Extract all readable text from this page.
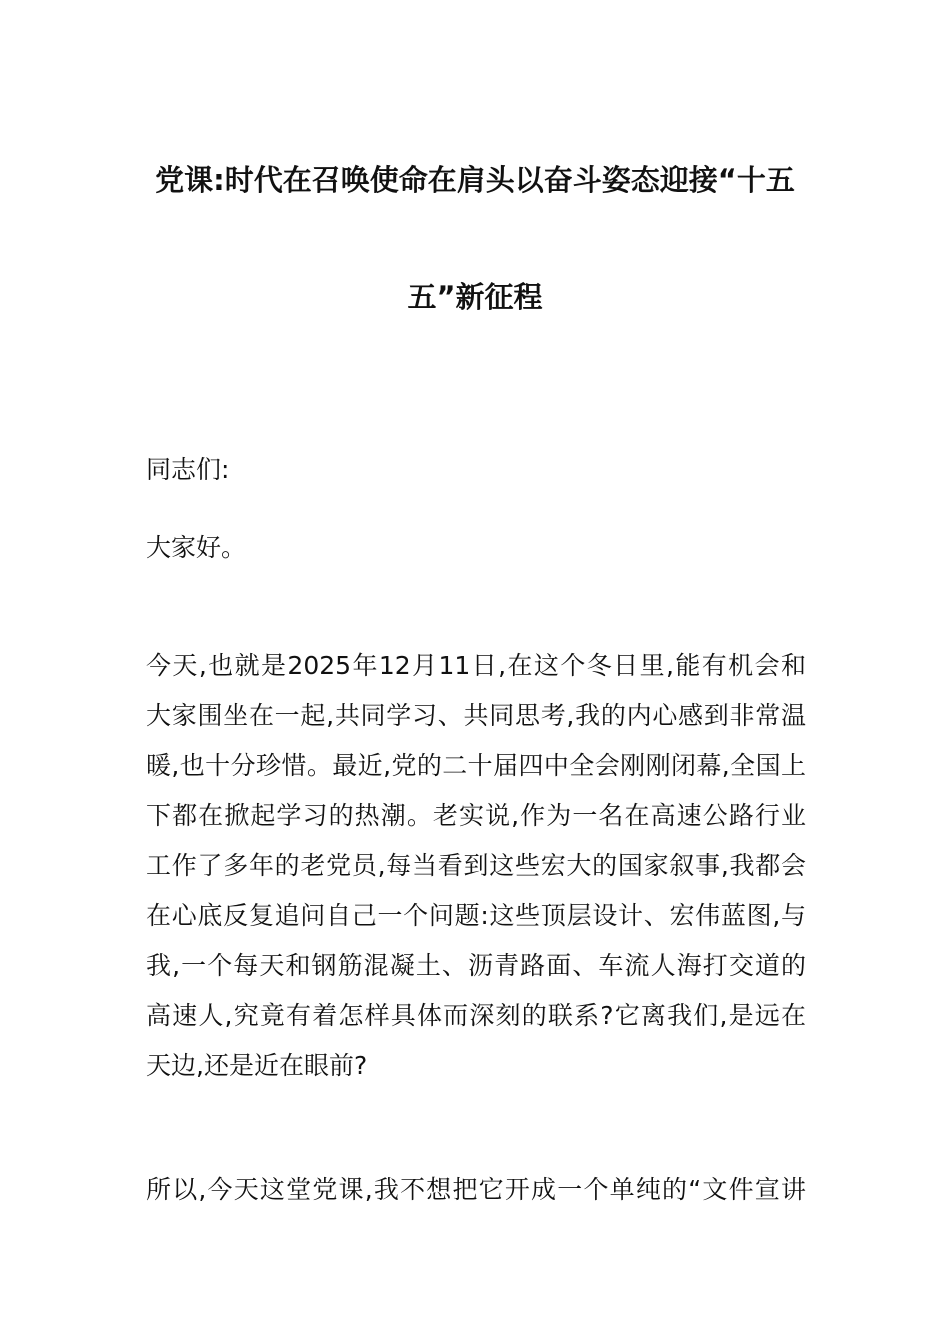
党课:时代在召唤使命在肩头以奋斗姿态迎接“十五
五”新征程
同志们:
大家好。
今天,也就是2025年12月11日,在这个冬日里,能有机会和
大家围坐在一起,共同学习、共同思考,我的内心感到非常温
暖,也十分珍惜。最近,党的二十届四中全会刚刚闭幕,全国上
下都在掀起学习的热潮。老实说,作为一名在高速公路行业
工作了多年的老党员,每当看到这些宏大的国家叙事,我都会
在心底反复追问自己一个问题:这些顶层设计、宏伟蓝图,与
我,一个每天和钢筋混凝土、沥青路面、车流人海打交道的
高速人,究竟有着怎样具体而深刻的联系?它离我们,是远在
天边,还是近在眼前?
所以,今天这堂党课,我不想把它开成一个单纯的“文件宣讲
